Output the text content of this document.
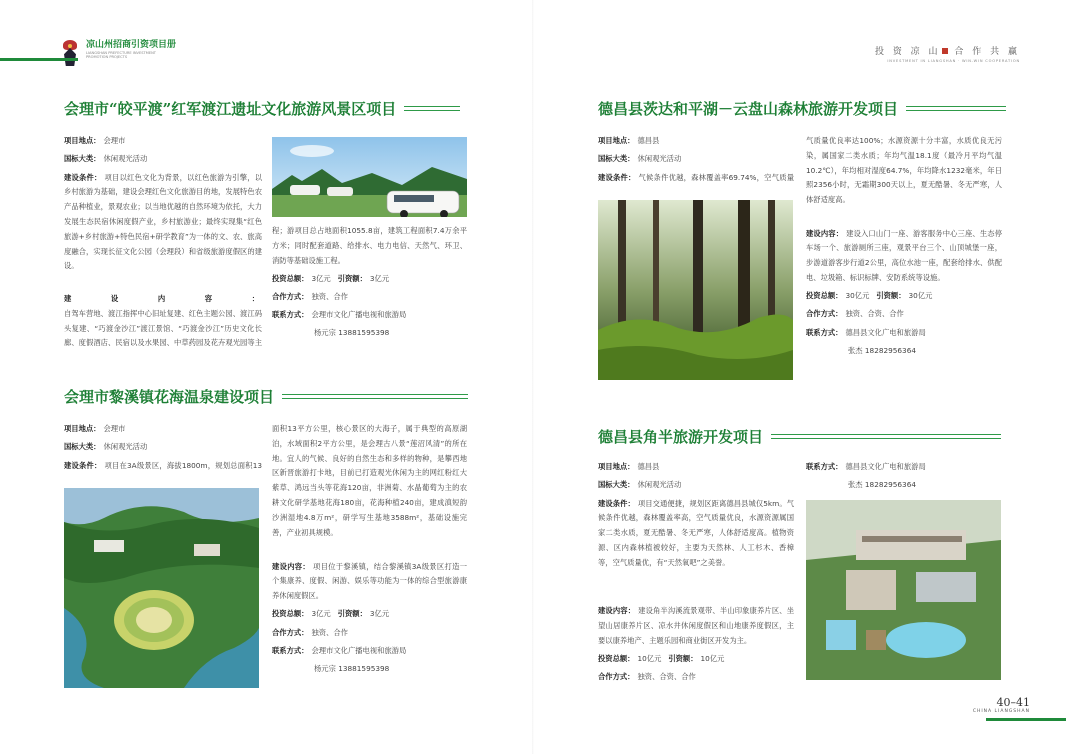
凉山州招商引资项目册
LIANGSHAN PREFECTURE INVESTMENT PROMOTION PROJECTS
投 资 凉 山 合 作 共 赢
INVESTMENT IN LIANGSHAN · WIN-WIN COOPERATION
会理市“皎平渡”红军渡江遗址文化旅游风景区项目

项目地点： 会理市

国标大类： 休闲观光活动

建设条件： 项目以红色文化为背景，以红色旅游为引擎，以乡村旅游为基础，建设会理红色文化旅游目的地，发展特色农产品种植业，景观农业；以当地优越的自然环境为依托，大力发展生态民宿休闲度假产业，乡村旅游业；最终实现集“红色旅游+乡村旅游+特色民宿+研学教育”为一体的文、农、旅高度融合，实现长征文化公园（会理段）和省级旅游度假区的建设。

建设内容：自驾车营地、渡江指挥中心旧址复建、红色主题公园、渡江码头复建、“巧渡金沙江”渡江景馆、“巧渡金沙江”历史文化长廊、度假酒店、民宿以及水果园、中草药园及花卉观光园等主

程；游项目总占地面积1055.8亩，建筑工程面积7.4万余平方米；同时配套道路、给排水、电力电信、天然气、环卫、消防等基础设施工程。

投资总额： 3亿元 引资额： 3亿元

合作方式： 独资、合作

联系方式： 会理市文化广播电视和旅游局

杨元宗 13881595398

会理市黎溪镇花海温泉建设项目

项目地点： 会理市

国标大类： 休闲观光活动

建设条件： 项目在3A级景区，海拔1800m，规划总面积13

面积13平方公里，核心景区的大海子，属于典型的高原湖泊，水域面积2平方公里，是会理古八景“莲沼风清”的所在地。宜人的气候、良好的自然生态和多样的物种，是攀西地区新晋旅游打卡地，目前已打造观光休闲为主的网红粉红大紫草、鸿远当头等花海120亩，非洲菊、水晶葡萄为主的农耕文化研学基地花海180亩，花海种植240亩，建成滇短韵沙洲湿地4.8万m²，研学写生基地3588m²，基础设施完善，产业初具规模。

建设内容： 项目位于黎溪镇，结合黎溪镇3A级景区打造一个集康养、度假、闲游、娱乐等功能为一体的综合型旅游康养休闲度假区。

投资总额： 3亿元 引资额： 3亿元

合作方式： 独资、合作

联系方式： 会理市文化广播电视和旅游局

杨元宗 13881595398

德昌县茨达和平湖－云盘山森林旅游开发项目

项目地点： 德昌县

国标大类： 休闲观光活动

建设条件： 气候条件优越，森林覆盖率69.74%，空气质量

气质量优良率达100%；水源资源十分丰富，水质优良无污染，属国家二类水质；年均气温18.1度（最冷月平均气温10.2℃），年均相对湿度64.7%，年均降水1232毫米，年日照2356小时，无霜期300天以上，夏无酷暑、冬无严寒，人体舒适度高。

建设内容： 建设入口山门一座、游客服务中心三座、生态停车场一个、旅游厕所三座，观景平台三个、山顶城堡一座，步游道游客步行道2公里，高位水池一座，配套给排水、供配电、垃圾箱、标识标牌、安防系统等设施。

投资总额： 30亿元 引资额： 30亿元

合作方式： 独资、合资、合作

联系方式： 德昌县文化广电和旅游局

张杰 18282956364

德昌县角半旅游开发项目

项目地点： 德昌县

国标大类： 休闲观光活动

建设条件： 项目交通便捷，规划区距离德昌县城仅5km。气候条件优越，森林覆盖率高，空气质量优良，水源资源属国家二类水质，夏无酷暑、冬无严寒，人体舒适度高。植物资源、区内森林植被较好，主要为天然林、人工杉木、香樟等，空气质量优，有“天然氧吧”之美誉。

建设内容： 建设角半沟溪流景观带、半山印象康养片区、坐望山居康养片区、凉水井休闲度假区和山地康养度假区，主要以康养地产、主题乐园和商业街区开发为主。

投资总额： 10亿元 引资额： 10亿元

合作方式： 独资、合资、合作

联系方式： 德昌县文化广电和旅游局

张杰 18282956364

40–41
CHINA LIANGSHAN
